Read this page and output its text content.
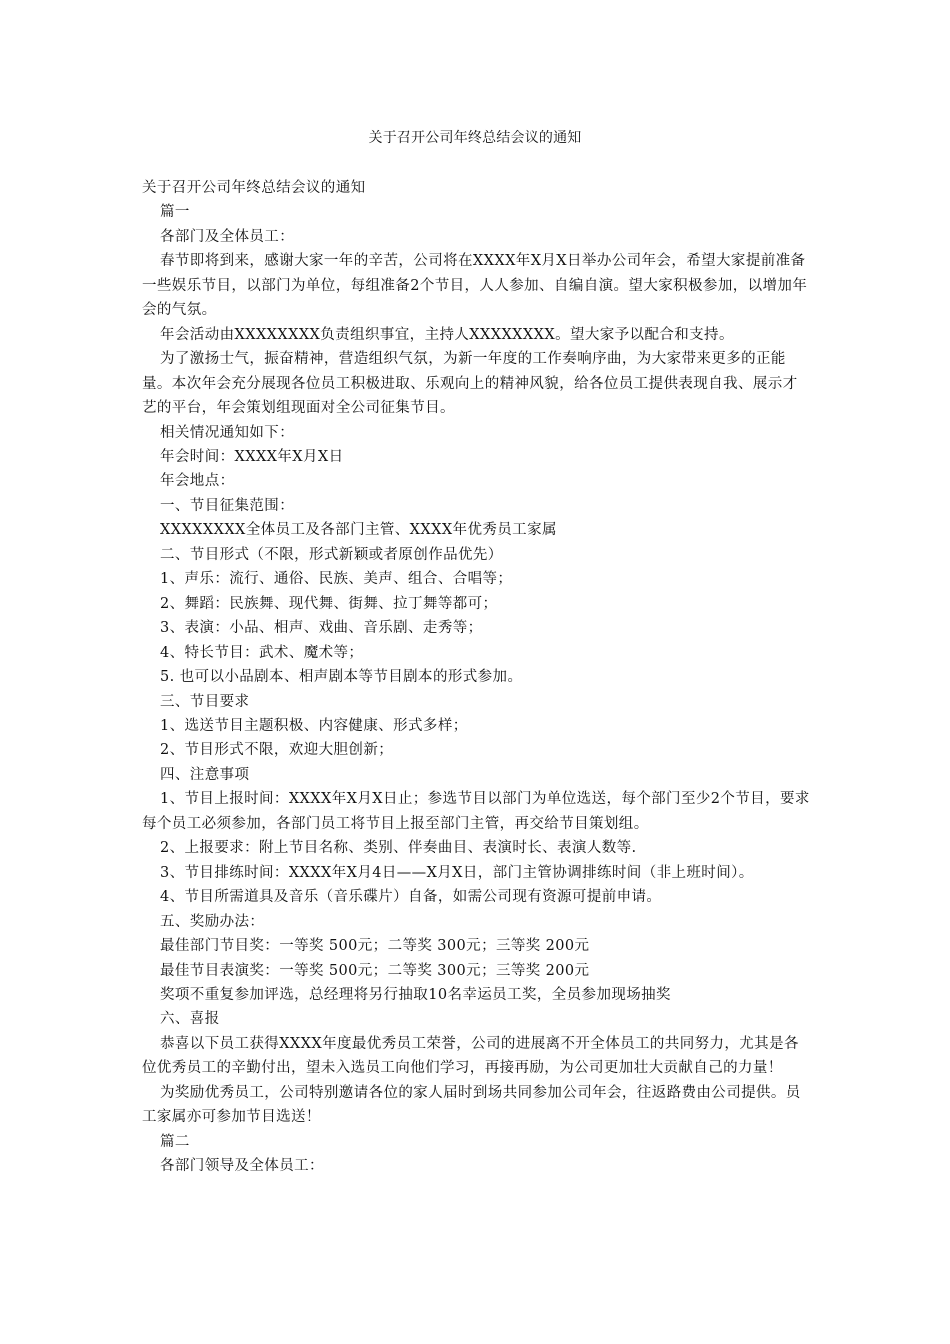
关于召开公司年终总结会议的通知

关于召开公司年终总结会议的通知

篇一

各部门及全体员工：

春节即将到来，感谢大家一年的辛苦，公司将在XXXX年X月X日举办公司年会，希望大家提前准备一些娱乐节目，以部门为单位，每组准备2个节目，人人参加、自编自演。望大家积极参加，以增加年会的气氛。

年会活动由XXXXXXXX负责组织事宜，主持人XXXXXXXX。望大家予以配合和支持。

为了激扬士气，振奋精神，营造组织气氛，为新一年度的工作奏响序曲，为大家带来更多的正能量。本次年会充分展现各位员工积极进取、乐观向上的精神风貌，给各位员工提供表现自我、展示才艺的平台，年会策划组现面对全公司征集节目。

相关情况通知如下：

年会时间：XXXX年X月X日

年会地点：

一、节目征集范围：

XXXXXXXX全体员工及各部门主管、XXXX年优秀员工家属

二、节目形式（不限，形式新颖或者原创作品优先）

1、声乐：流行、通俗、民族、美声、组合、合唱等；

2、舞蹈：民族舞、现代舞、街舞、拉丁舞等都可；

3、表演：小品、相声、戏曲、音乐剧、走秀等；

4、特长节目：武术、魔术等；

5. 也可以小品剧本、相声剧本等节目剧本的形式参加。

三、节目要求

1、选送节目主题积极、内容健康、形式多样；

2、节目形式不限，欢迎大胆创新；

四、注意事项

1、节目上报时间：XXXX年X月X日止；参选节目以部门为单位选送，每个部门至少2个节目，要求每个员工必须参加，各部门员工将节目上报至部门主管，再交给节目策划组。

2、上报要求：附上节目名称、类别、伴奏曲目、表演时长、表演人数等.

3、节目排练时间：XXXX年X月4日——X月X日，部门主管协调排练时间（非上班时间）。

4、节目所需道具及音乐（音乐碟片）自备，如需公司现有资源可提前申请。

五、奖励办法：

最佳部门节目奖：一等奖 500元；二等奖 300元；三等奖 200元

最佳节目表演奖：一等奖 500元；二等奖 300元；三等奖 200元

奖项不重复参加评选，总经理将另行抽取10名幸运员工奖，全员参加现场抽奖

六、喜报

恭喜以下员工获得XXXX年度最优秀员工荣誉，公司的进展离不开全体员工的共同努力，尤其是各位优秀员工的辛勤付出，望未入选员工向他们学习，再接再励，为公司更加壮大贡献自己的力量！

为奖励优秀员工，公司特别邀请各位的家人届时到场共同参加公司年会，往返路费由公司提供。员工家属亦可参加节目选送！

篇二

各部门领导及全体员工：
